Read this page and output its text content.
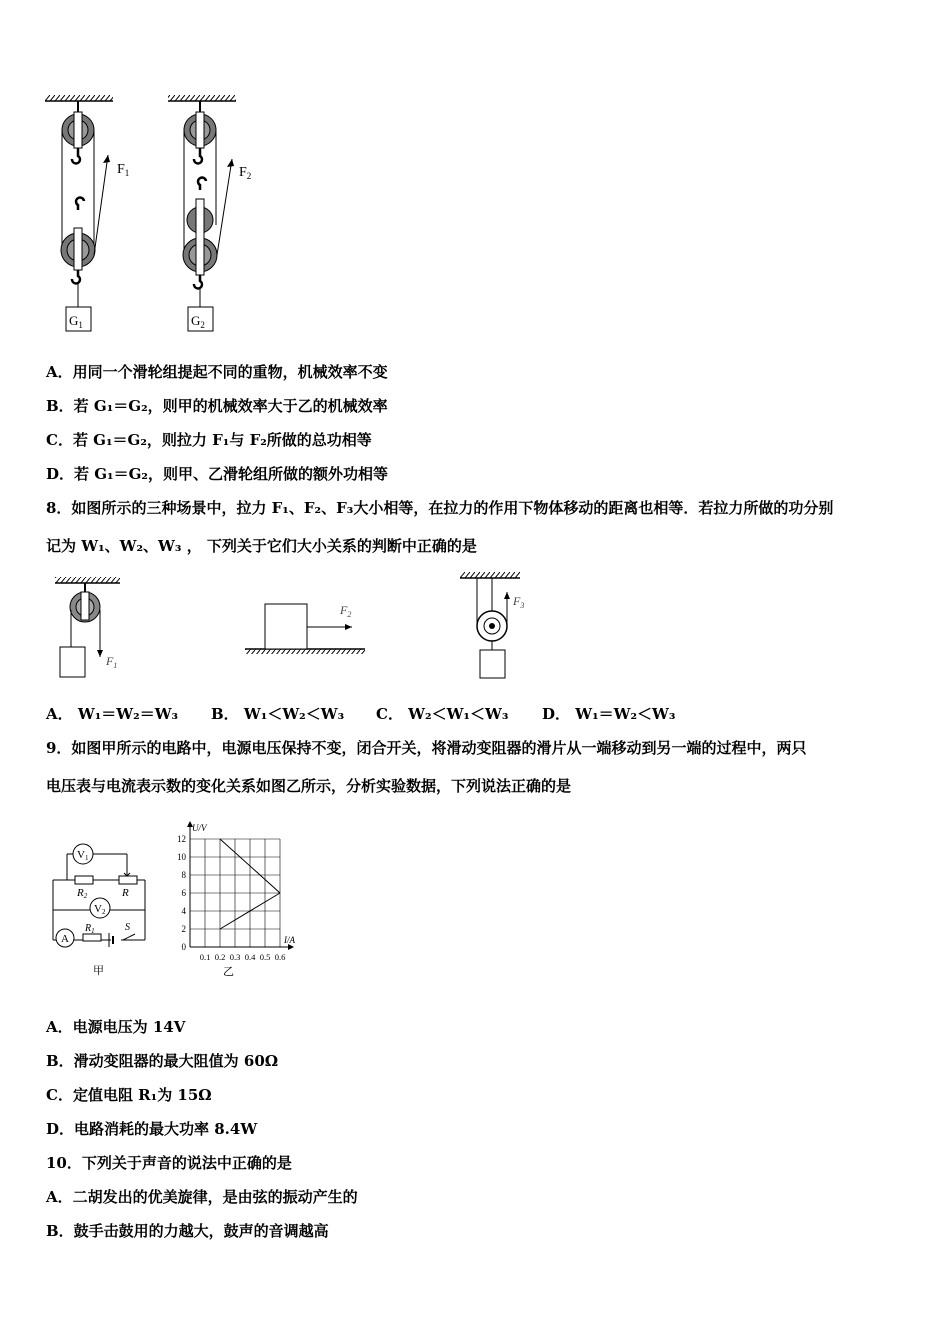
$F_1$
$G_1$
$F_2$
$G_2$
A．用同一个滑轮组提起不同的重物，机械效率不变
B．若 G₁＝G₂，则甲的机械效率大于乙的机械效率
C．若 G₁＝G₂，则拉力 F₁与 F₂所做的总功相等
D．若 G₁＝G₂，则甲、乙滑轮组所做的额外功相等
8．如图所示的三种场景中，拉力 F₁、F₂、F₃大小相等，在拉力的作用下物体移动的距离也相等．若拉力所做的功分别
记为 W₁、W₂、W₃ ， 下列关于它们大小关系的判断中正确的是
$F_1$
$F_2$
$F_3$
A． W₁＝W₂＝W₃ B． W₁＜W₂＜W₃ C． W₂＜W₁＜W₃ D． W₁＝W₂＜W₃
9．如图甲所示的电路中，电源电压保持不变，闭合开关，将滑动变阻器的滑片从一端移动到另一端的过程中，两只
电压表与电流表示数的变化关系如图乙所示，分析实验数据，下列说法正确的是
V1
R2	R
V2
A
$R_1$	S
甲
2
4
6
8
10
12
0
0.1 0.2 0.3 0.4 0.5 0.6
U/V
I/A
乙
A．电源电压为 14V
B．滑动变阻器的最大阻值为 60Ω
C．定值电阻 R₁为 15Ω
D．电路消耗的最大功率 8.4W
10．下列关于声音的说法中正确的是
A．二胡发出的优美旋律，是由弦的振动产生的
B．鼓手击鼓用的力越大，鼓声的音调越高
